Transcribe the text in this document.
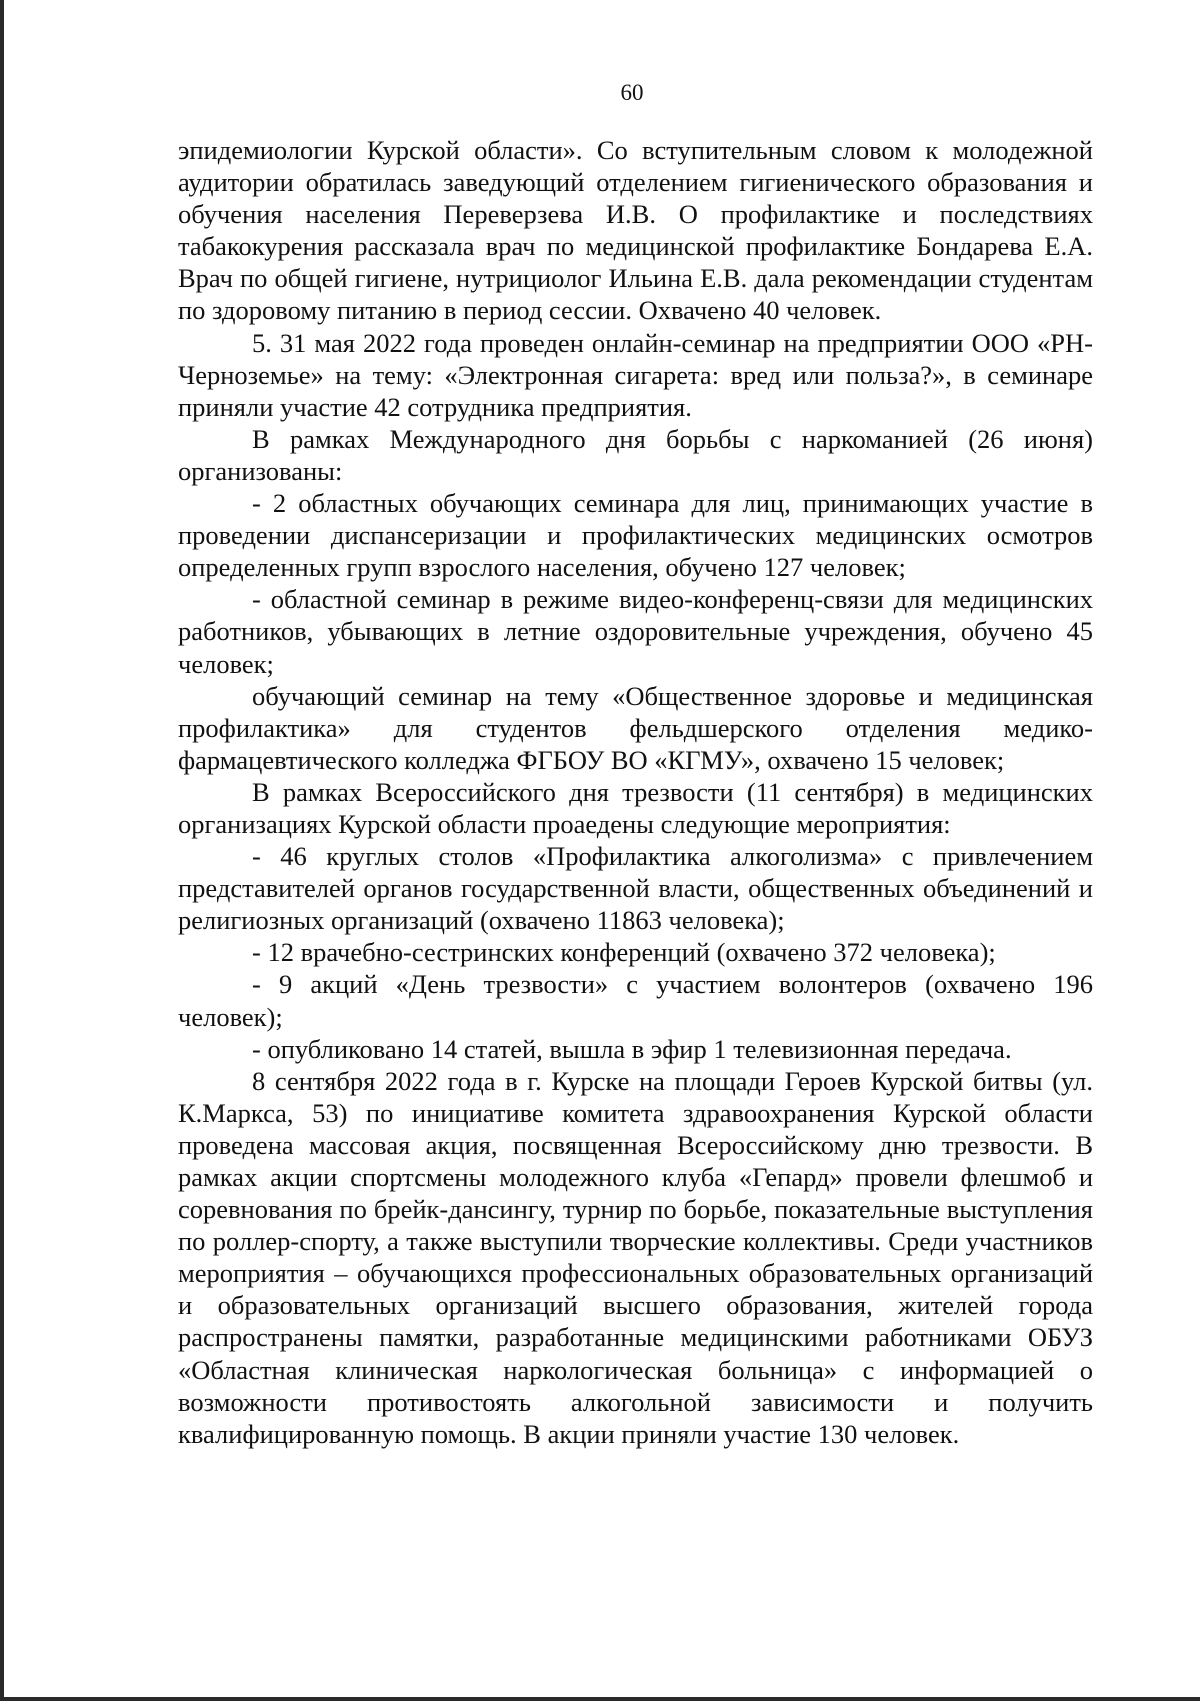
60

эпидемиологии Курской области». Со вступительным словом к молодежной аудитории обратилась заведующий отделением гигиенического образования и обучения населения Переверзева И.В. О профилактике и последствиях табакокурения рассказала врач по медицинской профилактике Бондарева Е.А. Врач по общей гигиене, нутрициолог Ильина Е.В. дала рекомендации студентам по здоровому питанию в период сессии. Охвачено 40 человек.

5. 31 мая 2022 года проведен онлайн-семинар на предприятии ООО «РН-Черноземье» на тему: «Электронная сигарета: вред или польза?», в семинаре приняли участие 42 сотрудника предприятия.

В рамках Международного дня борьбы с наркоманией (26 июня) организованы:

- 2 областных обучающих семинара для лиц, принимающих участие в проведении диспансеризации и профилактических медицинских осмотров определенных групп взрослого населения, обучено 127 человек;

- областной семинар в режиме видео-конференц-связи для медицинских работников, убывающих в летние оздоровительные учреждения, обучено 45 человек;

обучающий семинар на тему «Общественное здоровье и медицинская профилактика» для студентов фельдшерского отделения медико-фармацевтического колледжа ФГБОУ ВО «КГМУ», охвачено 15 человек;

В рамках Всероссийского дня трезвости (11 сентября) в медицинских организациях Курской области проаедены следующие мероприятия:

- 46 круглых столов «Профилактика алкоголизма» с привлечением представителей органов государственной власти, общественных объединений и религиозных организаций (охвачено 11863 человека);

- 12 врачебно-сестринских конференций (охвачено 372 человека);

- 9 акций «День трезвости» с участием волонтеров (охвачено 196 человек);

- опубликовано 14 статей, вышла в эфир 1 телевизионная передача.

8 сентября 2022 года в г. Курске на площади Героев Курской битвы (ул. К.Маркса, 53) по инициативе комитета здравоохранения Курской области проведена массовая акция, посвященная Всероссийскому дню трезвости. В рамках акции спортсмены молодежного клуба «Гепард» провели флешмоб и соревнования по брейк-дансингу, турнир по борьбе, показательные выступления по роллер-спорту, а также выступили творческие коллективы. Среди участников мероприятия – обучающихся профессиональных образовательных организаций и образовательных организаций высшего образования, жителей города распространены памятки, разработанные медицинскими работниками ОБУЗ «Областная клиническая наркологическая больница» с информацией о возможности противостоять алкогольной зависимости и получить квалифицированную помощь. В акции приняли участие 130 человек.
